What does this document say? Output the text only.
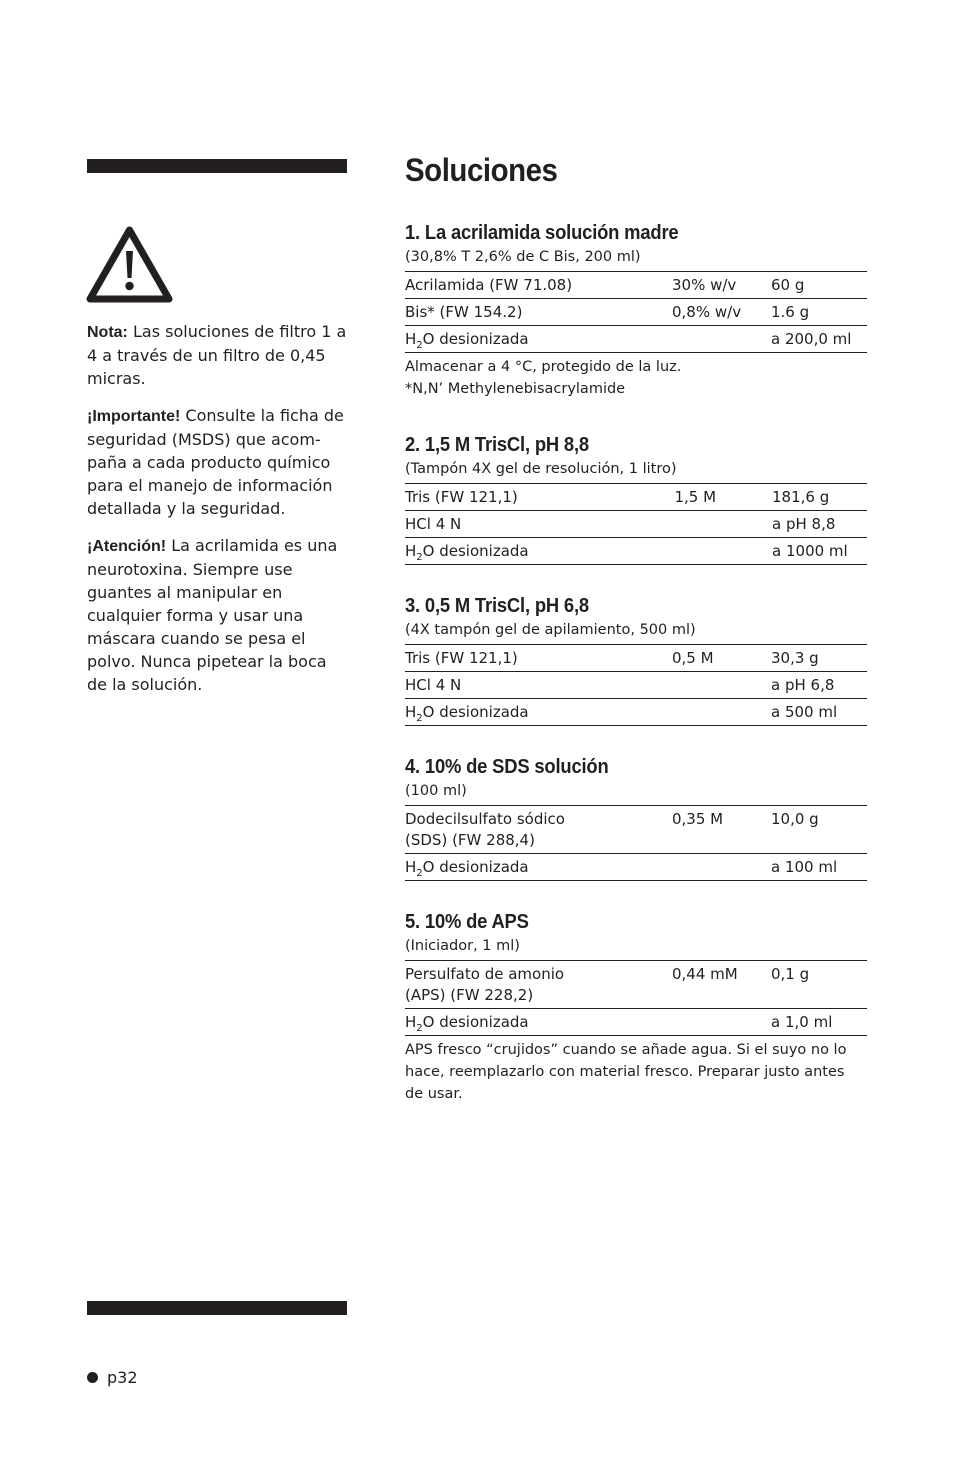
Nota: Las soluciones de filtro 1 a 4 a través de un filtro de 0,45 micras.

¡Importante! Consulte la ficha de seguridad (MSDS) que acom-paña a cada producto químico para el manejo de información detallada y la seguridad.

¡Atención! La acrilamida es una neurotoxina. Siempre use guantes al manipular en cualquier forma y usar una máscara cuando se pesa el polvo. Nunca pipetear la boca de la solución.

Soluciones
1. La acrilamida solución madre

(30,8% T 2,6% de C Bis, 200 ml)

Acrilamida (FW 71.08)	30% w/v	60 g
Bis* (FW 154.2)	0,8% w/v	1.6 g
$H_2O$ desionizada		a 200,0 ml

Almacenar a 4 °C, protegido de la luz.
*N,N’ Methylenebisacrylamide

2. 1,5 M TrisCl, pH 8,8

(Tampón 4X gel de resolución, 1 litro)

Tris (FW 121,1)	1,5 M	181,6 g
HCl 4 N		a pH 8,8
$H_2O$ desionizada		a 1000 ml
3. 0,5 M TrisCl, pH 6,8

(4X tampón gel de apilamiento, 500 ml)

Tris (FW 121,1)	0,5 M	30,3 g
HCl 4 N		a pH 6,8
$H_2O$ desionizada		a 500 ml
4. 10% de SDS solución

(100 ml)

Dodecilsulfato sódico
(SDS) (FW 288,4)	0,35 M	10,0 g
$H_2O$ desionizada		a 100 ml
5. 10% de APS

(Iniciador, 1 ml)

Persulfato de amonio
(APS) (FW 228,2)	0,44 mM	0,1 g
$H_2O$ desionizada		a 1,0 ml

APS fresco “crujidos” cuando se añade agua. Si el suyo no lo hace, reemplazarlo con material fresco. Preparar justo antes de usar.

p32
